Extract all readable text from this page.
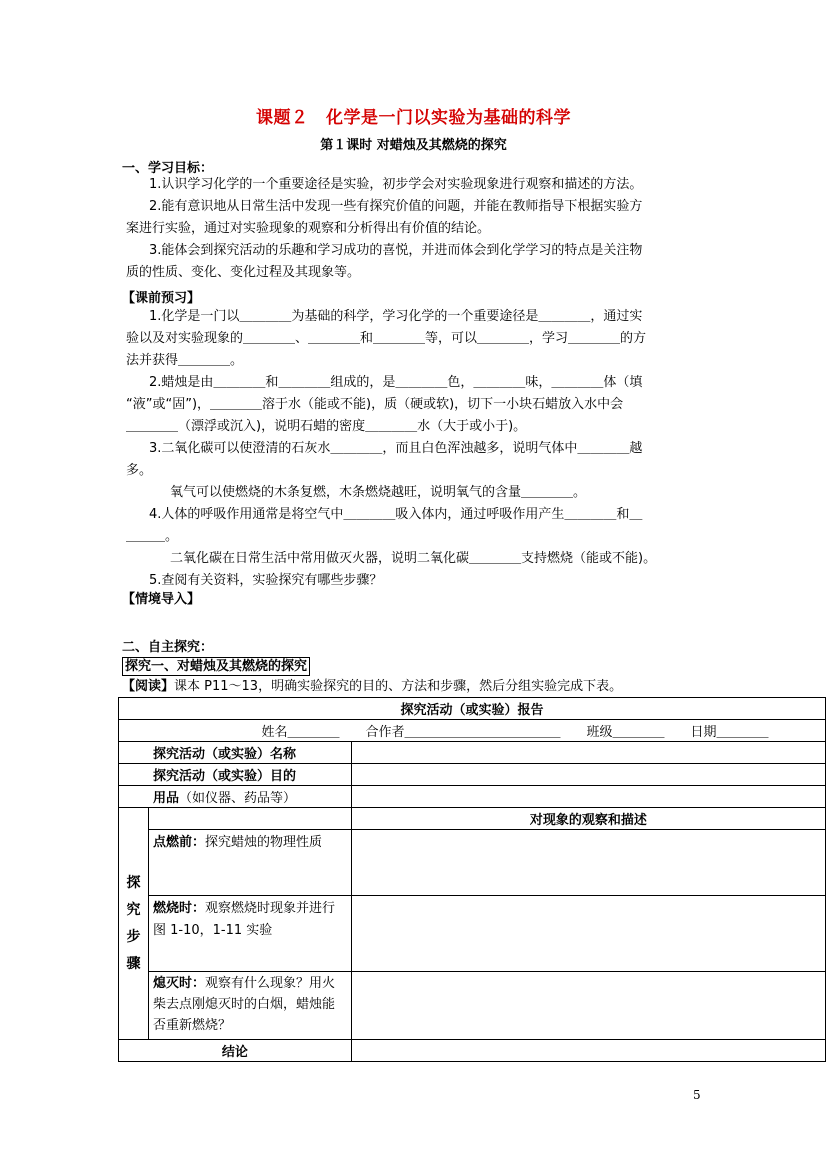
课题２　化学是一门以实验为基础的科学
第１课时 对蜡烛及其燃烧的探究
一、学习目标：
1.认识学习化学的一个重要途径是实验，初步学会对实验现象进行观察和描述的方法。
2.能有意识地从日常生活中发现一些有探究价值的问题，并能在教师指导下根据实验方
案进行实验，通过对实验现象的观察和分析得出有价值的结论。
3.能体会到探究活动的乐趣和学习成功的喜悦，并进而体会到化学学习的特点是关注物
质的性质、变化、变化过程及其现象等。
【课前预习】
1.化学是一门以＿＿＿＿为基础的科学，学习化学的一个重要途径是＿＿＿＿，通过实
验以及对实验现象的＿＿＿＿、＿＿＿＿和＿＿＿＿等，可以＿＿＿＿，学习＿＿＿＿的方
法并获得＿＿＿＿。
2.蜡烛是由＿＿＿＿和＿＿＿＿组成的，是＿＿＿＿色，＿＿＿＿味，＿＿＿＿体（填
“液”或“固”)，＿＿＿＿溶于水（能或不能)，质（硬或软)，切下一小块石蜡放入水中会
＿＿＿＿（漂浮或沉入)，说明石蜡的密度＿＿＿＿水（大于或小于)。
3.二氧化碳可以使澄清的石灰水＿＿＿＿，而且白色浑浊越多，说明气体中＿＿＿＿越
多。
氧气可以使燃烧的木条复燃，木条燃烧越旺，说明氧气的含量＿＿＿＿。
4.人体的呼吸作用通常是将空气中＿＿＿＿吸入体内，通过呼吸作用产生＿＿＿＿和＿
＿＿＿。
二氧化碳在日常生活中常用做灭火器，说明二氧化碳＿＿＿＿支持燃烧（能或不能)。
5.查阅有关资料，实验探究有哪些步骤？
【情境导入】
二、自主探究：
探究一、对蜡烛及其燃烧的探究
【阅读】课本 P11～13，明确实验探究的目的、方法和步骤，然后分组实验完成下表。
探究活动（或实验）报告		
姓名＿＿＿＿　　合作者＿＿＿＿＿＿＿＿＿＿＿＿　　班级＿＿＿＿　　日期＿＿＿＿		
探究活动（或实验）名称		
探究活动（或实验）目的		
用品（如仪器、药品等）		
探
究
步
骤		对现象的观察和描述
	点燃前：探究蜡烛的物理性质	
	燃烧时：观察燃烧时现象并进行图 1-10，1-11 实验	
	熄灭时：观察有什么现象？用火柴去点刚熄灭时的白烟，蜡烛能否重新燃烧？	
结论		
5
